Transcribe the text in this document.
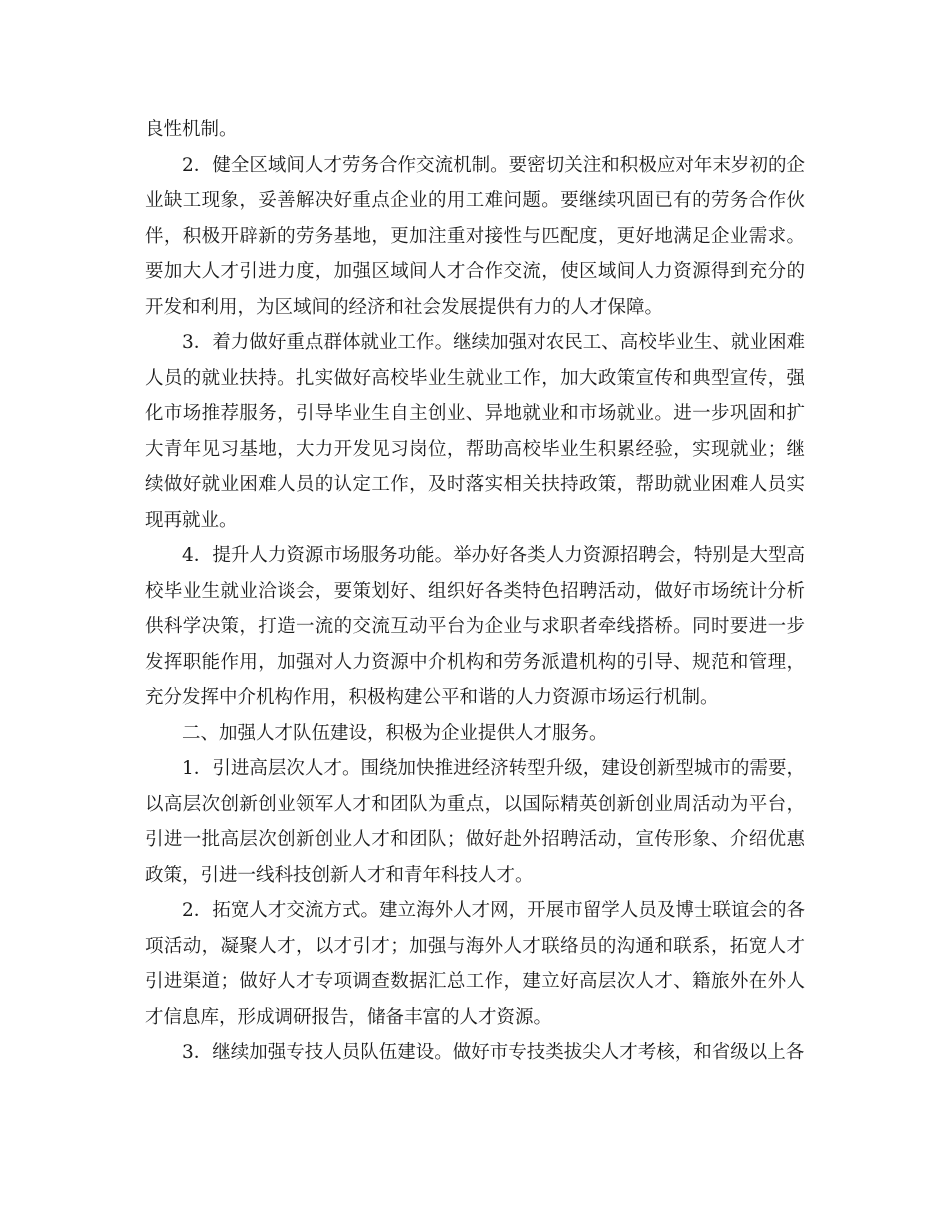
良性机制。

2．健全区域间人才劳务合作交流机制。要密切关注和积极应对年末岁初的企业缺工现象，妥善解决好重点企业的用工难问题。要继续巩固已有的劳务合作伙伴，积极开辟新的劳务基地，更加注重对接性与匹配度，更好地满足企业需求。要加大人才引进力度，加强区域间人才合作交流，使区域间人力资源得到充分的开发和利用，为区域间的经济和社会发展提供有力的人才保障。

3．着力做好重点群体就业工作。继续加强对农民工、高校毕业生、就业困难人员的就业扶持。扎实做好高校毕业生就业工作，加大政策宣传和典型宣传，强化市场推荐服务，引导毕业生自主创业、异地就业和市场就业。进一步巩固和扩大青年见习基地，大力开发见习岗位，帮助高校毕业生积累经验，实现就业；继续做好就业困难人员的认定工作，及时落实相关扶持政策，帮助就业困难人员实现再就业。

4．提升人力资源市场服务功能。举办好各类人力资源招聘会，特别是大型高校毕业生就业洽谈会，要策划好、组织好各类特色招聘活动，做好市场统计分析供科学决策，打造一流的交流互动平台为企业与求职者牵线搭桥。同时要进一步发挥职能作用，加强对人力资源中介机构和劳务派遣机构的引导、规范和管理，充分发挥中介机构作用，积极构建公平和谐的人力资源市场运行机制。

二、加强人才队伍建设，积极为企业提供人才服务。

1．引进高层次人才。围绕加快推进经济转型升级，建设创新型城市的需要，以高层次创新创业领军人才和团队为重点，以国际精英创新创业周活动为平台，引进一批高层次创新创业人才和团队；做好赴外招聘活动，宣传形象、介绍优惠政策，引进一线科技创新人才和青年科技人才。

2．拓宽人才交流方式。建立海外人才网，开展市留学人员及博士联谊会的各项活动，凝聚人才，以才引才；加强与海外人才联络员的沟通和联系，拓宽人才引进渠道；做好人才专项调查数据汇总工作，建立好高层次人才、籍旅外在外人才信息库，形成调研报告，储备丰富的人才资源。

3．继续加强专技人员队伍建设。做好市专技类拔尖人才考核，和省级以上各
